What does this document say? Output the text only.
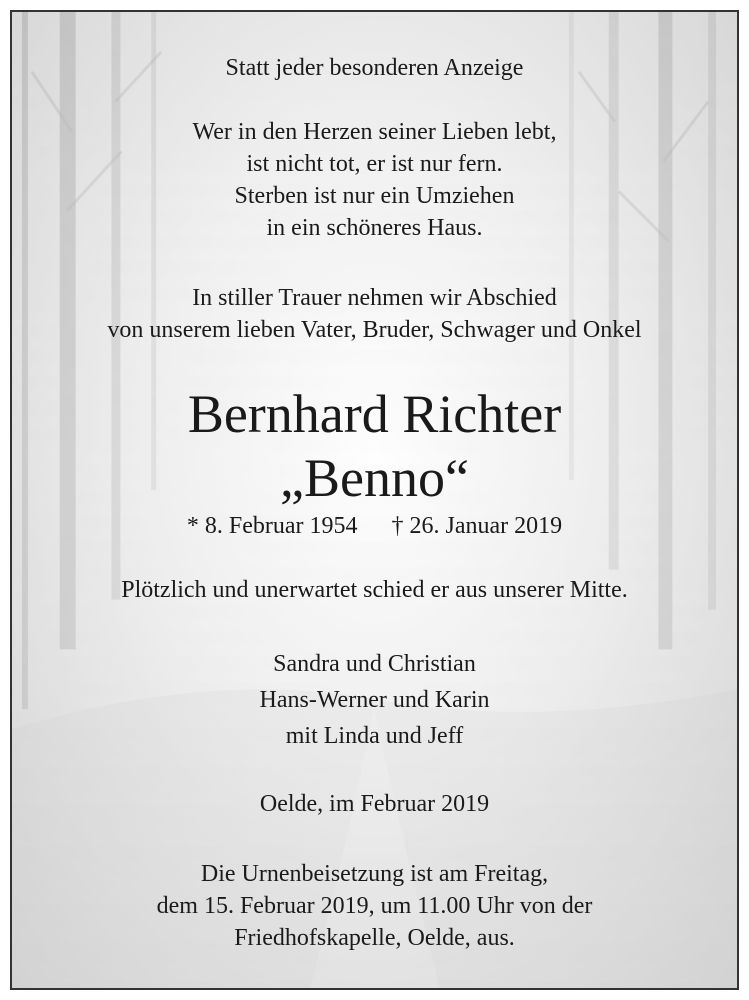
Statt jeder besonderen Anzeige
Wer in den Herzen seiner Lieben lebt,
ist nicht tot, er ist nur fern.
Sterben ist nur ein Umziehen
in ein schöneres Haus.
In stiller Trauer nehmen wir Abschied
von unserem lieben Vater, Bruder, Schwager und Onkel
Bernhard Richter
„Benno“
* 8. Februar 1954 † 26. Januar 2019
Plötzlich und unerwartet schied er aus unserer Mitte.
Sandra und Christian
Hans-Werner und Karin
mit Linda und Jeff
Oelde, im Februar 2019
Die Urnenbeisetzung ist am Freitag,
dem 15. Februar 2019, um 11.00 Uhr von der
Friedhofskapelle, Oelde, aus.
